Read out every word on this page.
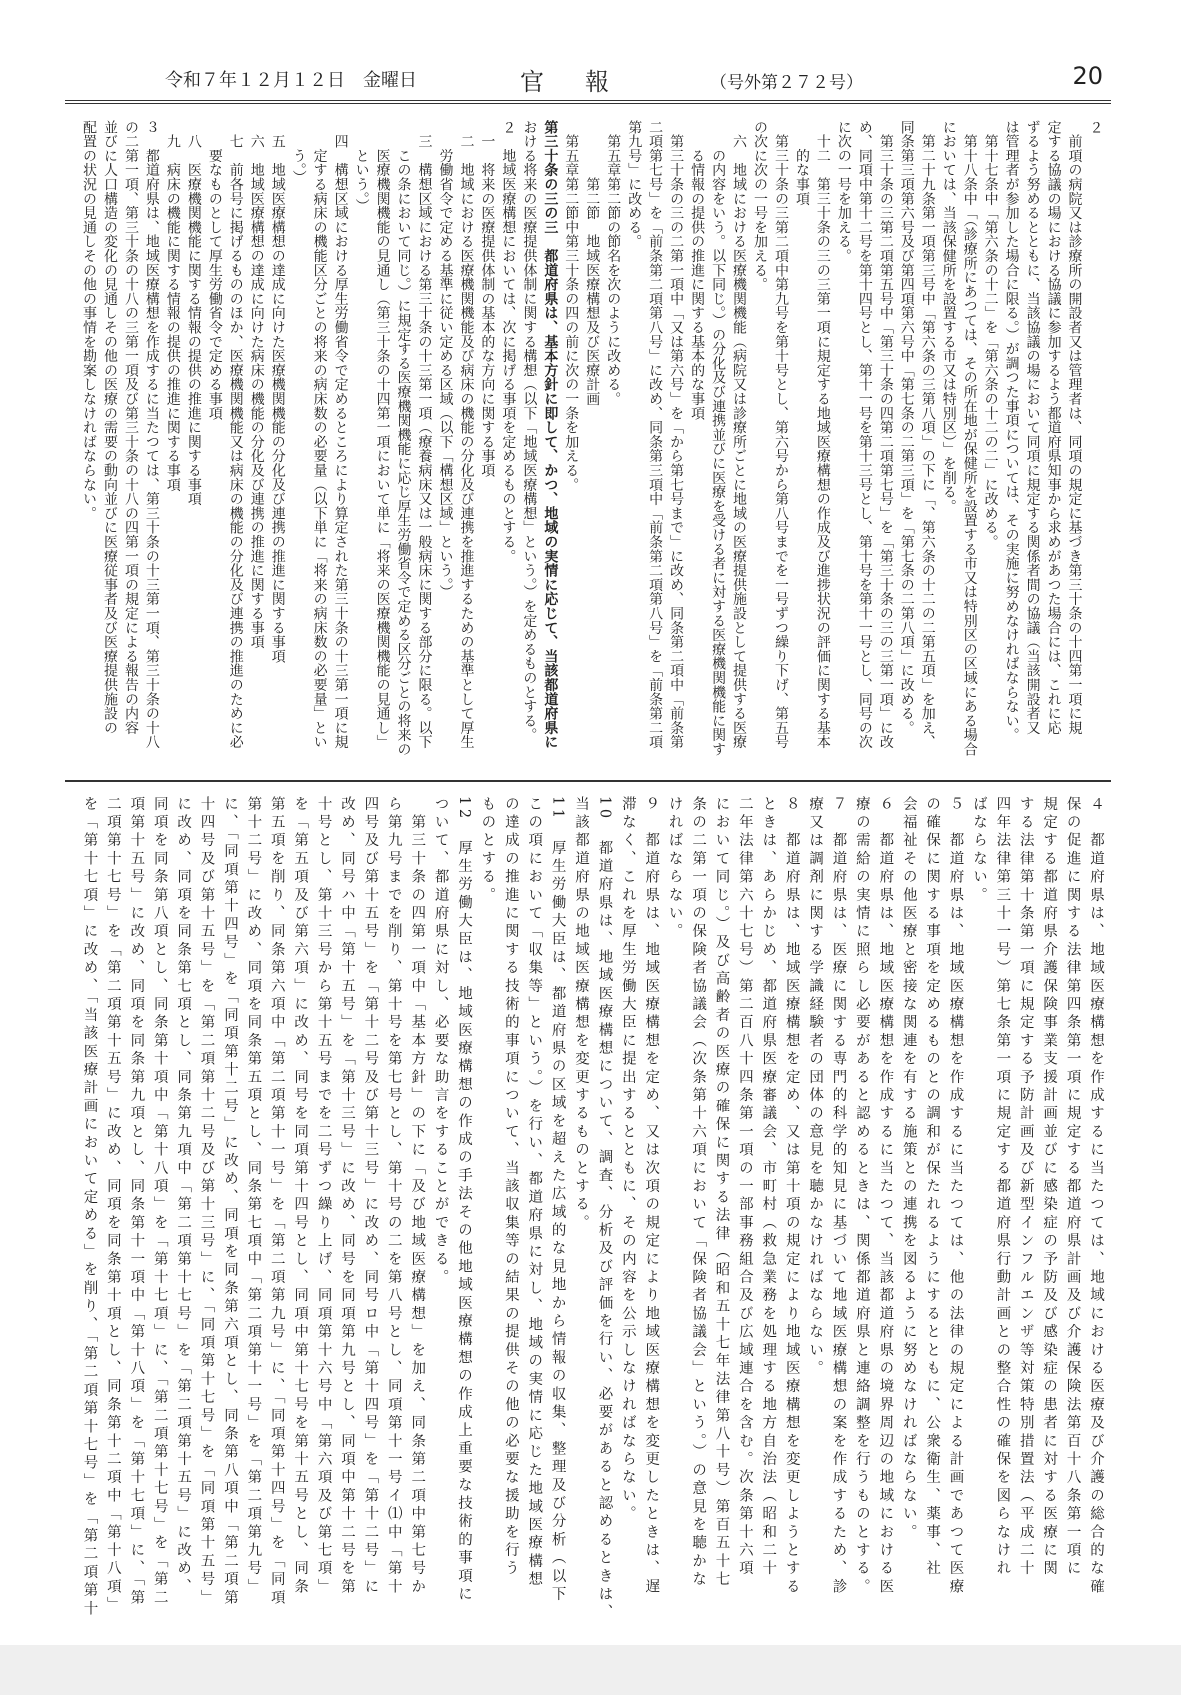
令和７年１２月１２日　金曜日	官 報	（号外第２７２号）	20
２
　前項の病院又は診療所の開設者又は管理者は、同項の規定に基づき第三十条の十四第一項に規
定する協議の場における協議に参加するよう都道府県知事から求めがあつた場合には、これに応
ずるよう努めるとともに、当該協議の場において同項に規定する関係者間の協議（当該開設者又
は管理者が参加した場合に限る。）が調つた事項については、その実施に努めなければならない。
　第十七条中「第六条の十二」を「第六条の十二の二」に改める。
　第十八条中「（診療所にあつては、その所在地が保健所を設置する市又は特別区の区域にある場合
においては、当該保健所を設置する市又は特別区）」を削る。
　第二十九条第一項第三号中「第六条の三第八項」の下に「、第六条の十二の二第五項」を加え、
同条第三項第六号及び第四項第六号中「第七条の二第三項」を「第七条の二第八項」に改める。
　第三十条の三第二項第五号中「第三十条の四第二項第七号」を「第三十条の三の三第一項」に改
め、同項中第十二号を第十四号とし、第十一号を第十三号とし、第十号を第十一号とし、同号の次
に次の一号を加える。
　十二　第三十条の三の三第一項に規定する地域医療構想の作成及び進捗状況の評価に関する基本
　　的な事項
　第三十条の三第二項中第九号を第十号とし、第六号から第八号までを一号ずつ繰り下げ、第五号
の次に次の一号を加える。
　六　地域における医療機関機能（病院又は診療所ごとに地域の医療提供施設として提供する医療
　　の内容をいう。以下同じ。）の分化及び連携並びに医療を受ける者に対する医療機関機能に関す
　　る情報の提供の推進に関する基本的な事項
　第三十条の三の二第一項中「又は第六号」を「から第七号まで」に改め、同条第二項中「前条第
二項第七号」を「前条第二項第八号」に改め、同条第三項中「前条第二項第八号」を「前条第二項
第九号」に改める。
　第五章第二節の節名を次のように改める。
　　　　第二節　地域医療構想及び医療計画
　第五章第二節中第三十条の四の前に次の一条を加える。
第三十条の三の三　都道府県は、基本方針に即して、かつ、地域の実情に応じて、当該都道府県に
おける将来の医療提供体制に関する構想（以下「地域医療構想」という。）を定めるものとする。
２　地域医療構想においては、次に掲げる事項を定めるものとする。
　一　将来の医療提供体制の基本的な方向に関する事項
　二　地域における医療機関機能及び病床の機能の分化及び連携を推進するための基準として厚生
　　労働省令で定める基準に従い定める区域（以下「構想区域」という。）
　三　構想区域における第三十条の十三第一項（療養病床又は一般病床に関する部分に限る。以下
　　この条において同じ。）に規定する医療機関機能に応じ厚生労働省令で定める区分ごとの将来の
　　医療機関機能の見通し（第三十条の十四第一項において単に「将来の医療機関機能の見通し」
　　という。）
　四　構想区域における厚生労働省令で定めるところにより算定された第三十条の十三第一項に規
　　定する病床の機能区分ごとの将来の病床数の必要量（以下単に「将来の病床数の必要量」とい
　　う。）
　五　地域医療構想の達成に向けた医療機関機能の分化及び連携の推進に関する事項
　六　地域医療構想の達成に向けた病床の機能の分化及び連携の推進に関する事項
　七　前各号に掲げるもののほか、医療機関機能又は病床の機能の分化及び連携の推進のために必
　　要なものとして厚生労働省令で定める事項
　八　医療機関機能に関する情報の提供の推進に関する事項
　九　病床の機能に関する情報の提供の推進に関する事項
３　都道府県は、地域医療構想を作成するに当たつては、第三十条の十三第一項、第三十条の十八
の二第一項、第三十条の十八の三第一項及び第三十条の十八の四第一項の規定による報告の内容
並びに人口構造の変化の見通しその他の医療の需要の動向並びに医療従事者及び医療提供施設の
配置の状況の見通しその他の事情を勘案しなければならない。
４　都道府県は、地域医療構想を作成するに当たつては、地域における医療及び介護の総合的な確
保の促進に関する法律第四条第一項に規定する都道府県計画及び介護保険法第百十八条第一項に
規定する都道府県介護保険事業支援計画並びに感染症の予防及び感染症の患者に対する医療に関
する法律第十条第一項に規定する予防計画及び新型インフルエンザ等対策特別措置法（平成二十
四年法律第三十一号）第七条第一項に規定する都道府県行動計画との整合性の確保を図らなけれ
ばならない。
５　都道府県は、地域医療構想を作成するに当たつては、他の法律の規定による計画であつて医療
の確保に関する事項を定めるものとの調和が保たれるようにするとともに、公衆衛生、薬事、社
会福祉その他医療と密接な関連を有する施策との連携を図るように努めなければならない。
６　都道府県は、地域医療構想を作成するに当たつて、当該都道府県の境界周辺の地域における医
療の需給の実情に照らし必要があると認めるときは、関係都道府県と連絡調整を行うものとする。
７　都道府県は、医療に関する専門的科学的知見に基づいて地域医療構想の案を作成するため、診
療又は調剤に関する学識経験者の団体の意見を聴かなければならない。
８　都道府県は、地域医療構想を定め、又は第十項の規定により地域医療構想を変更しようとする
ときは、あらかじめ、都道府県医療審議会、市町村（救急業務を処理する地方自治法（昭和二十
二年法律第六十七号）第二百八十四条第一項の一部事務組合及び広域連合を含む。次条第十六項
において同じ。）及び高齢者の医療の確保に関する法律（昭和五十七年法律第八十号）第百五十七
条の二第一項の保険者協議会（次条第十六項において「保険者協議会」という。）の意見を聴かな
ければならない。
９　都道府県は、地域医療構想を定め、又は次項の規定により地域医療構想を変更したときは、遅
滞なく、これを厚生労働大臣に提出するとともに、その内容を公示しなければならない。
10　都道府県は、地域医療構想について、調査、分析及び評価を行い、必要があると認めるときは、
当該都道府県の地域医療構想を変更するものとする。
11　厚生労働大臣は、都道府県の区域を超えた広域的な見地から情報の収集、整理及び分析（以下
この項において「収集等」という。）を行い、都道府県に対し、地域の実情に応じた地域医療構想
の達成の推進に関する技術的事項について、当該収集等の結果の提供その他の必要な援助を行う
ものとする。
12　厚生労働大臣は、地域医療構想の作成の手法その他地域医療構想の作成上重要な技術的事項に
ついて、都道府県に対し、必要な助言をすることができる。
　第三十条の四第一項中「基本方針」の下に「及び地域医療構想」を加え、同条第二項中第七号か
ら第九号までを削り、第十号を第七号とし、第十号の二を第八号とし、同項第十一号イ⑴中「第十
四号及び第十五号」を「第十二号及び第十三号」に改め、同号ロ中「第十四号」を「第十二号」に
改め、同号ハ中「第十五号」を「第十三号」に改め、同号を同項第九号とし、同項中第十二号を第
十号とし、第十三号から第十五号までを二号ずつ繰り上げ、同項第十六号中「第六項及び第七項」
を「第五項及び第六項」に改め、同号を同項第十四号とし、同項中第十七号を第十五号とし、同条
第五項を削り、同条第六項中「第二項第十一号」を「第二項第九号」に、「同項第十四号」を「同項
第十二号」に改め、同項を同条第五項とし、同条第七項中「第二項第十一号」を「第二項第九号」
に、「同項第十四号」を「同項第十二号」に改め、同項を同条第六項とし、同条第八項中「第二項第
十四号及び第十五号」を「第二項第十二号及び第十三号」に、「同項第十七号」を「同項第十五号」
に改め、同項を同条第七項とし、同条第九項中「第二項第十七号」を「第二項第十五号」に改め、
同項を同条第八項とし、同条第十項中「第十八項」を「第十七項」に、「第二項第十七号」を「第二
項第十五号」に改め、同項を同条第九項とし、同条第十一項中「第十八項」を「第十七項」に、「第
二項第十七号」を「第二項第十五号」に改め、同項を同条第十項とし、同条第十二項中「第十八項」
を「第十七項」に改め、「当該医療計画において定める」を削り、「第二項第十七号」を「第二項第十
